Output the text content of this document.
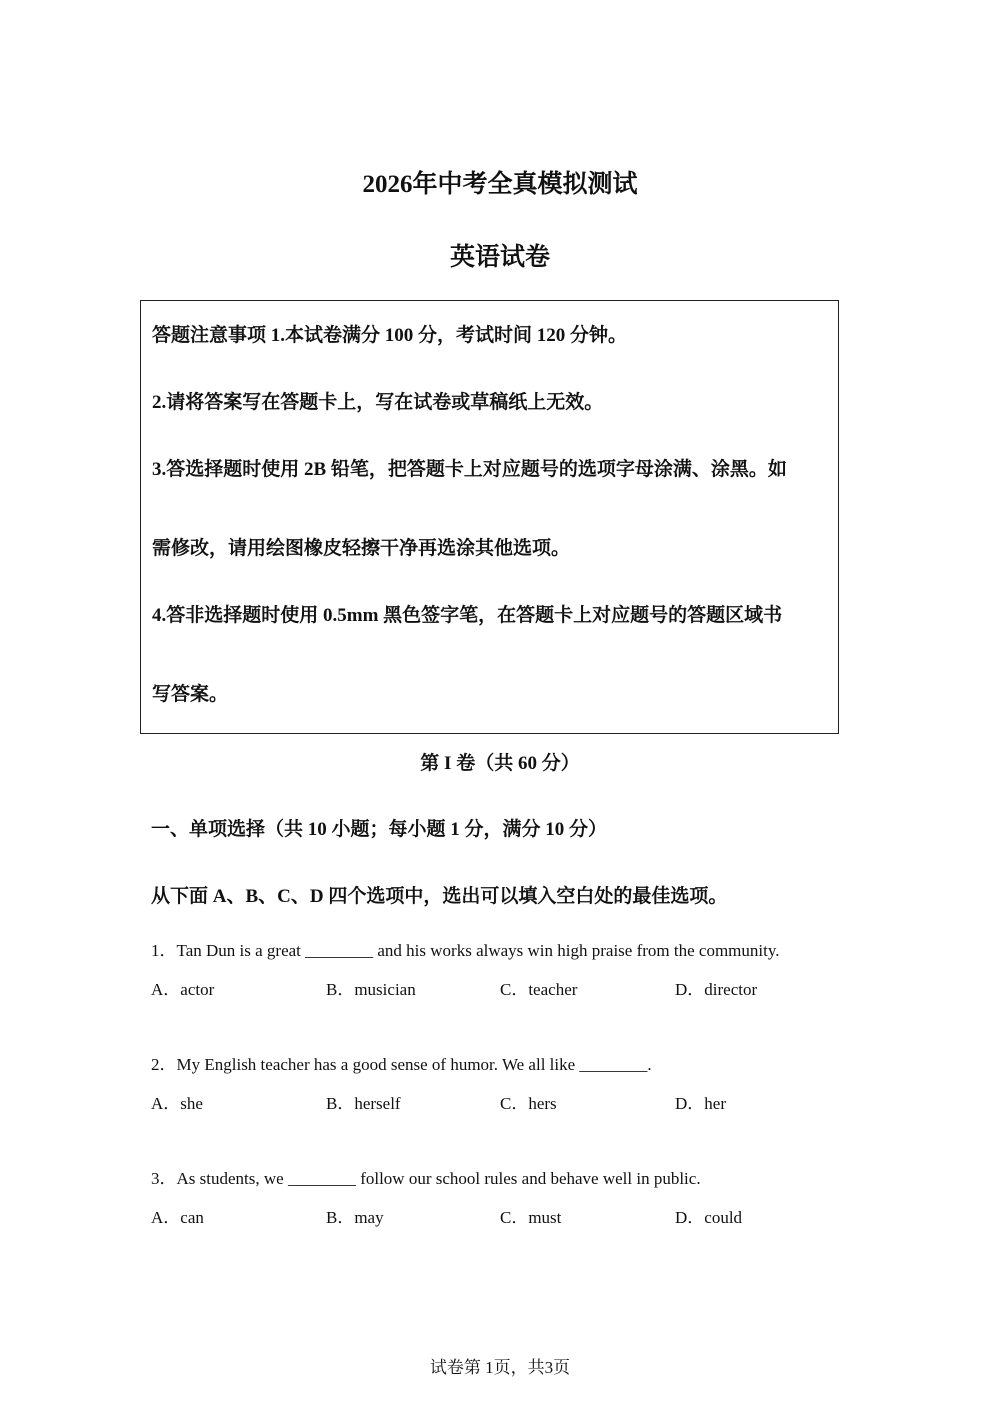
2026年中考全真模拟测试
英语试卷
答题注意事项 1.本试卷满分 100 分，考试时间 120 分钟。
2.请将答案写在答题卡上，写在试卷或草稿纸上无效。
3.答选择题时使用 2B 铅笔，把答题卡上对应题号的选项字母涂满、涂黑。如
需修改，请用绘图橡皮轻擦干净再选涂其他选项。
4.答非选择题时使用 0.5mm 黑色签字笔，在答题卡上对应题号的答题区域书
写答案。
第 I 卷（共 60 分）
一、单项选择（共 10 小题；每小题 1 分，满分 10 分）
从下面 A、B、C、D 四个选项中，选出可以填入空白处的最佳选项。
1．Tan Dun is a great ________ and his works always win high praise from the community.
A．actor	B．musician	C．teacher	D．director
2．My English teacher has a good sense of humor. We all like ________.
A．she	B．herself	C．hers	D．her
3．As students, we ________ follow our school rules and behave well in public.
A．can	B．may	C．must	D．could
试卷第 1页，共3页
